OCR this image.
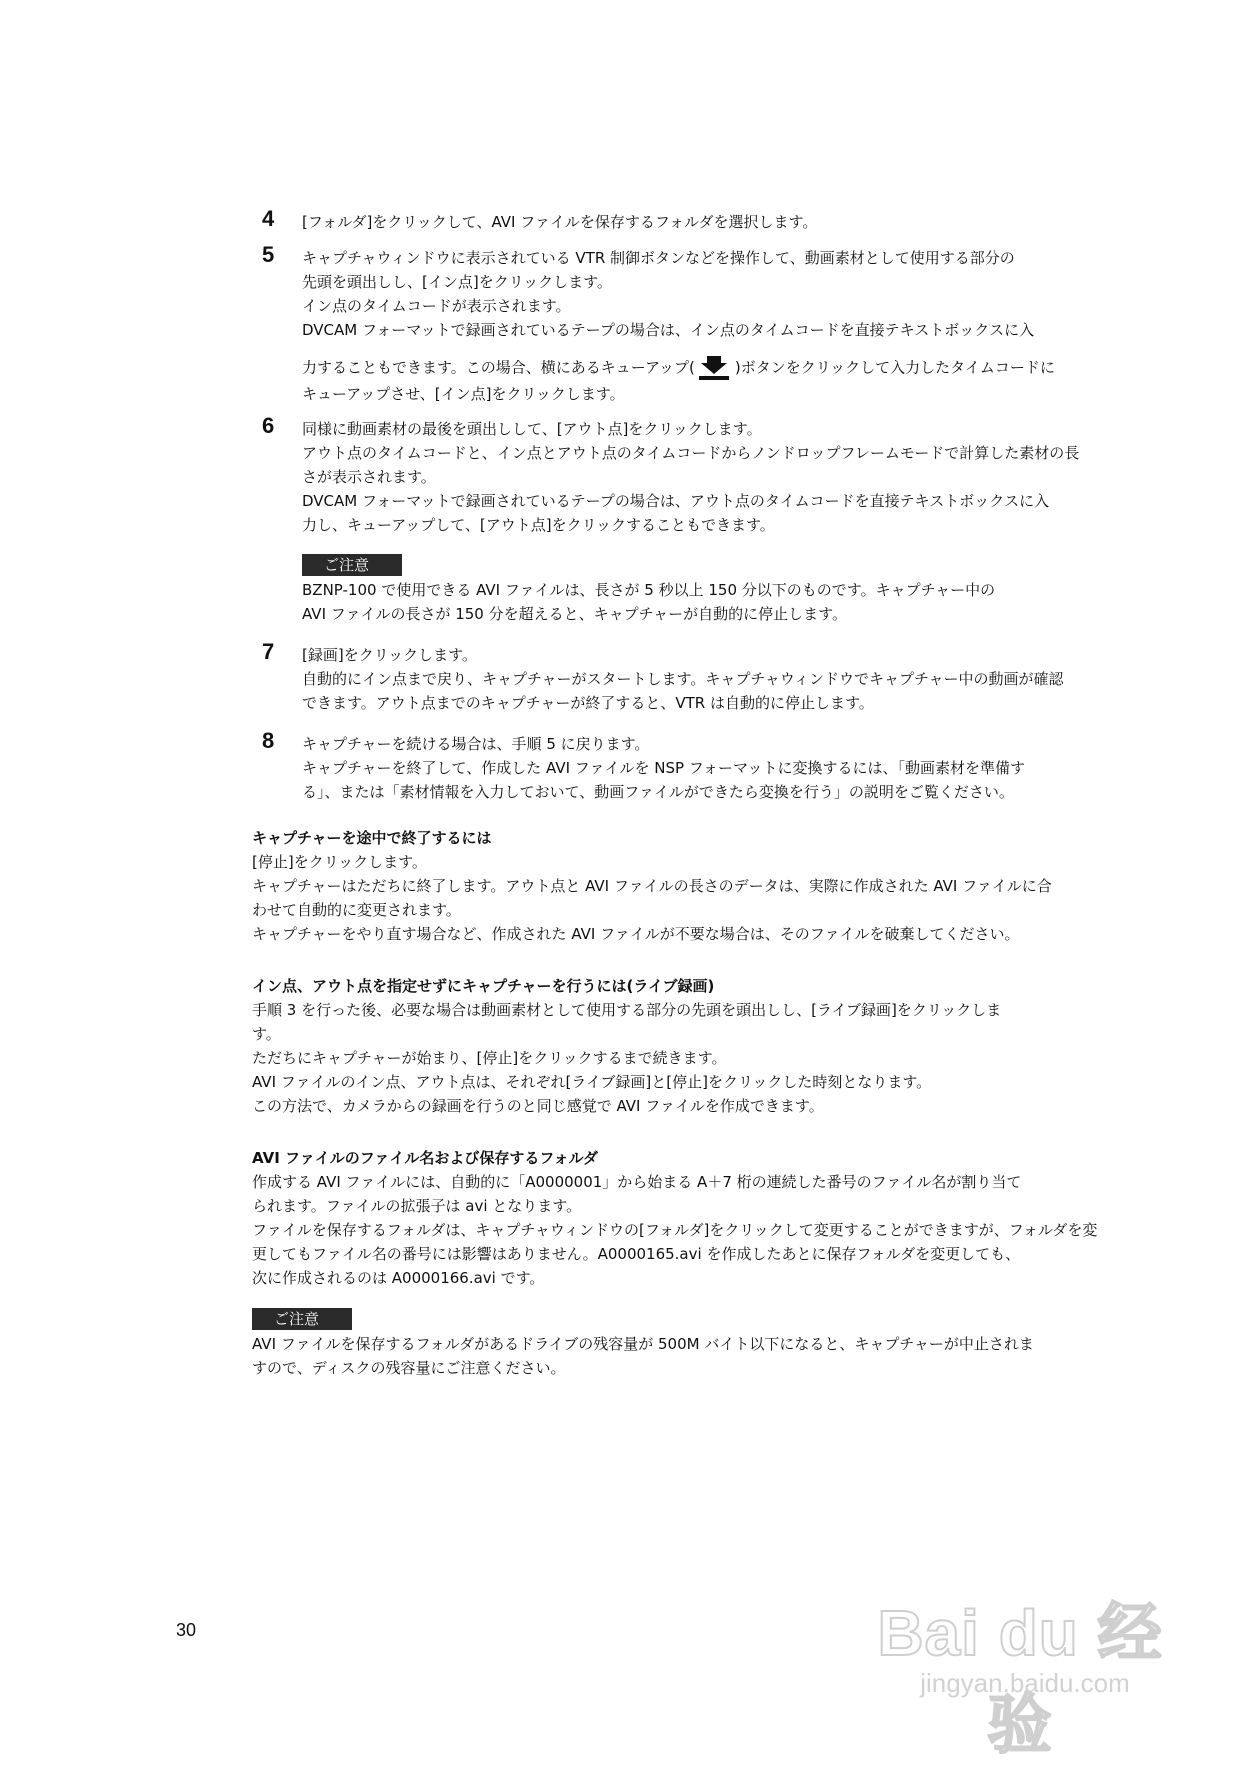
4 [フォルダ]をクリックして、AVI ファイルを保存するフォルダを選択します。
5 キャプチャウィンドウに表示されている VTR 制御ボタンなどを操作して、動画素材として使用する部分の
先頭を頭出しし、[イン点]をクリックします。
イン点のタイムコードが表示されます。
DVCAM フォーマットで録画されているテープの場合は、イン点のタイムコードを直接テキストボックスに入
力することもできます。この場合、横にあるキューアップ(	)ボタンをクリックして入力したタイムコードに
キューアップさせ、[イン点]をクリックします。
6 同様に動画素材の最後を頭出しして、[アウト点]をクリックします。
アウト点のタイムコードと、イン点とアウト点のタイムコードからノンドロップフレームモードで計算した素材の長
さが表示されます。
DVCAM フォーマットで録画されているテープの場合は、アウト点のタイムコードを直接テキストボックスに入
力し、キューアップして、[アウト点]をクリックすることもできます。
ご注意
BZNP-100 で使用できる AVI ファイルは、長さが 5 秒以上 150 分以下のものです。キャプチャー中の
AVI ファイルの長さが 150 分を超えると、キャプチャーが自動的に停止します。
7 [録画]をクリックします。
自動的にイン点まで戻り、キャプチャーがスタートします。キャプチャウィンドウでキャプチャー中の動画が確認
できます。アウト点までのキャプチャーが終了すると、VTR は自動的に停止します。
8 キャプチャーを続ける場合は、手順 5 に戻ります。
キャプチャーを終了して、作成した AVI ファイルを NSP フォーマットに変換するには、「動画素材を準備す
る」、または「素材情報を入力しておいて、動画ファイルができたら変換を行う」の説明をご覧ください。
キャプチャーを途中で終了するには
[停止]をクリックします。
キャプチャーはただちに終了します。アウト点と AVI ファイルの長さのデータは、実際に作成された AVI ファイルに合
わせて自動的に変更されます。
キャプチャーをやり直す場合など、作成された AVI ファイルが不要な場合は、そのファイルを破棄してください。
イン点、アウト点を指定せずにキャプチャーを行うには(ライブ録画)
手順 3 を行った後、必要な場合は動画素材として使用する部分の先頭を頭出しし、[ライブ録画]をクリックしま
す。
ただちにキャプチャーが始まり、[停止]をクリックするまで続きます。
AVI ファイルのイン点、アウト点は、それぞれ[ライブ録画]と[停止]をクリックした時刻となります。
この方法で、カメラからの録画を行うのと同じ感覚で AVI ファイルを作成できます。
AVI ファイルのファイル名および保存するフォルダ
作成する AVI ファイルには、自動的に「A0000001」から始まる A＋7 桁の連続した番号のファイル名が割り当て
られます。ファイルの拡張子は avi となります。
ファイルを保存するフォルダは、キャプチャウィンドウの[フォルダ]をクリックして変更することができますが、フォルダを変
更してもファイル名の番号には影響はありません。A0000165.avi を作成したあとに保存フォルダを変更しても、
次に作成されるのは A0000166.avi です。
ご注意
AVI ファイルを保存するフォルダがあるドライブの残容量が 500M バイト以下になると、キャプチャーが中止されま
すので、ディスクの残容量にご注意ください。
30	Bai du 经验
jingyan.baidu.com
